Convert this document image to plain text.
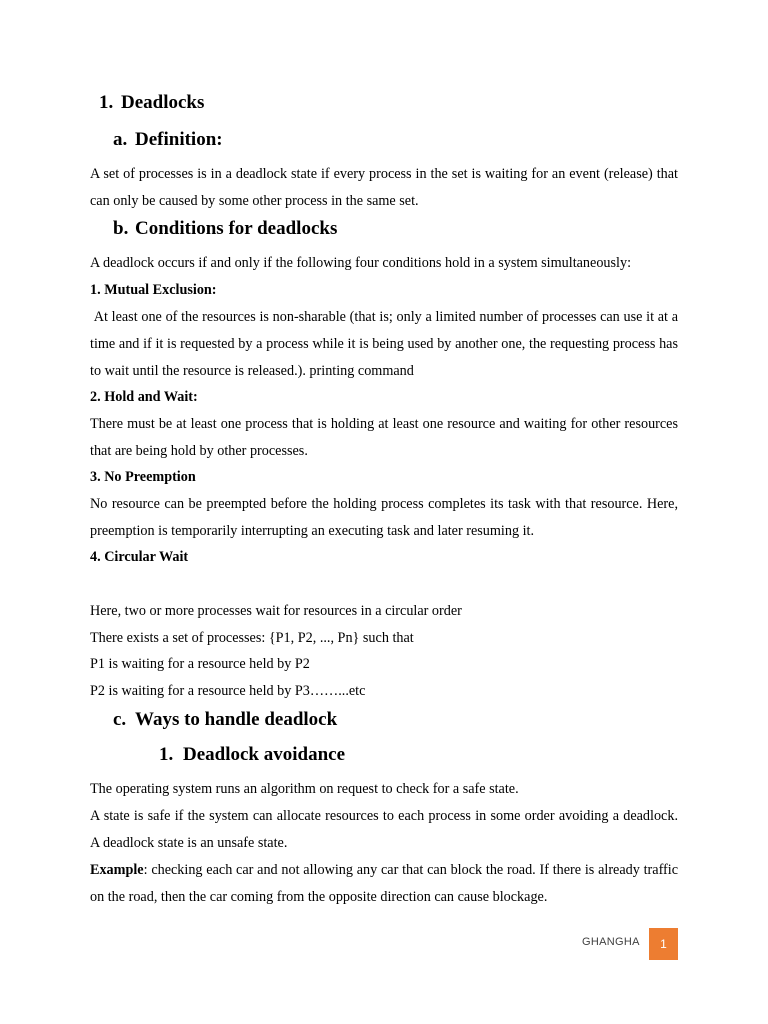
1. Deadlocks
a. Definition:
A set of processes is in a deadlock state if every process in the set is waiting for an event (release) that can only be caused by some other process in the same set.
b. Conditions for deadlocks
A deadlock occurs if and only if the following four conditions hold in a system simultaneously:
1. Mutual Exclusion:
At least one of the resources is non-sharable (that is; only a limited number of processes can use it at a time and if it is requested by a process while it is being used by another one, the requesting process has to wait until the resource is released.). printing command
2. Hold and Wait:
There must be at least one process that is holding at least one resource and waiting for other resources that are being hold by other processes.
3. No Preemption
No resource can be preempted before the holding process completes its task with that resource. Here, preemption is temporarily interrupting an executing task and later resuming it.
4. Circular Wait
Here, two or more processes wait for resources in a circular order
There exists a set of processes: {P1, P2, ..., Pn} such that
P1 is waiting for a resource held by P2
P2 is waiting for a resource held by P3……...etc
c. Ways to handle deadlock
1. Deadlock avoidance
The operating system runs an algorithm on request to check for a safe state.
A state is safe if the system can allocate resources to each process in some order avoiding a deadlock. A deadlock state is an unsafe state.
Example: checking each car and not allowing any car that can block the road. If there is already traffic on the road, then the car coming from the opposite direction can cause blockage.
GHANGHA	1
